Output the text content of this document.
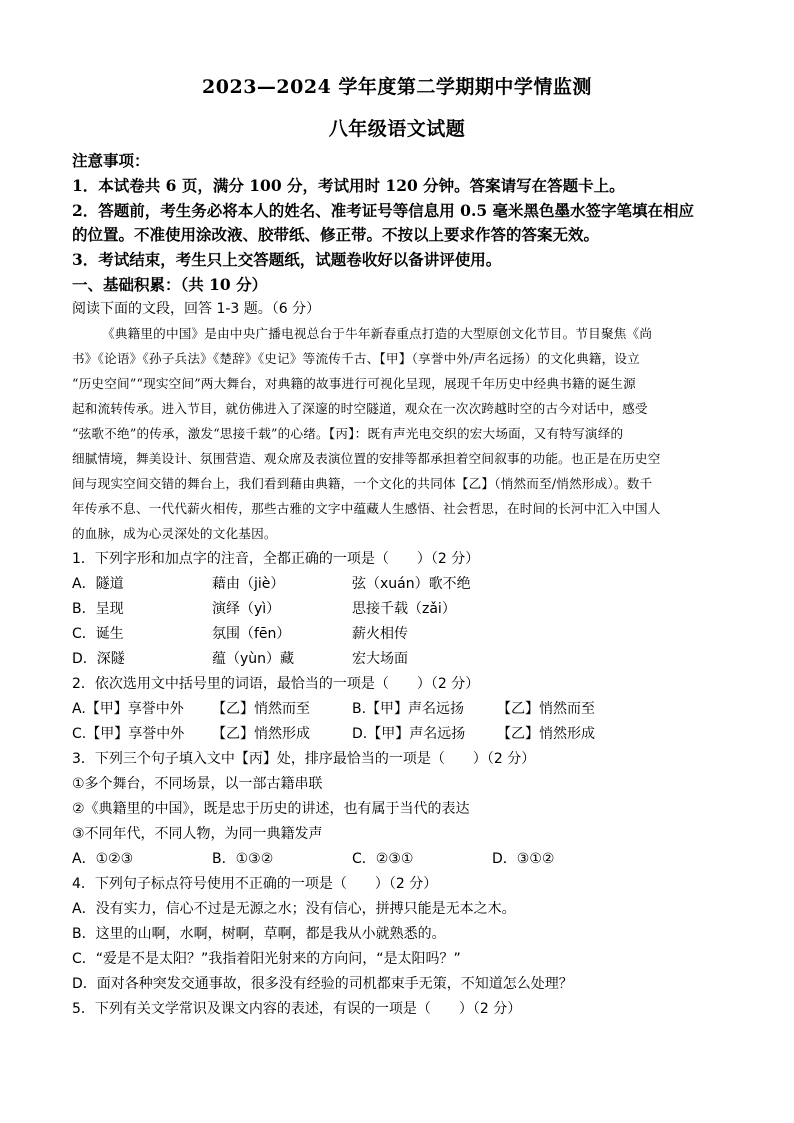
2023—2024 学年度第二学期期中学情监测
八年级语文试题
注意事项：
1．本试卷共 6 页，满分 100 分，考试用时 120 分钟。答案请写在答题卡上。
2．答题前，考生务必将本人的姓名、准考证号等信息用 0.5 毫米黑色墨水签字笔填在相应
的位置。不准使用涂改液、胶带纸、修正带。不按以上要求作答的答案无效。
3．考试结束，考生只上交答题纸，试题卷收好以备讲评使用。
一、基础积累：（共 10 分）
阅读下面的文段，回答 1-3 题。（6 分）
《典籍里的中国》是由中央广播电视总台于牛年新春重点打造的大型原创文化节目。节目聚焦《尚
书》《论语》《孙子兵法》《楚辞》《史记》等流传千古、【甲】（享誉中外/声名远扬）的文化典籍，设立
“历史空间”“现实空间”两大舞台，对典籍的故事进行可视化呈现，展现千年历史中经典书籍的诞生源
起和流转传承。进入节目，就仿佛进入了深邃的时空隧道，观众在一次次跨越时空的古今对话中，感受
“弦歌不绝”的传承，激发“思接千载”的心绪。【丙】：既有声光电交织的宏大场面，又有特写演绎的
细腻情境，舞美设计、氛围营造、观众席及表演位置的安排等都承担着空间叙事的功能。也正是在历史空
间与现实空间交错的舞台上，我们看到藉由典籍，一个文化的共同体【乙】（悄然而至/悄然形成）。数千
年传承不息、一代代薪火相传，那些古雅的文字中蕴藏人生感悟、社会哲思，在时间的长河中汇入中国人
的血脉，成为心灵深处的文化基因。
1．下列字形和加点字的注音，全都正确的一项是（　　）（2 分）
A．隧道	藉由（jiè）	弦（xuán）歌不绝
B．呈现	演绎（yì）	思接千载（zǎi）
C．诞生	氛围（fēn）	薪火相传
D．深隧	蕴（yùn）藏	宏大场面
2．依次选用文中括号里的词语，最恰当的一项是（　　）（2 分）
A.【甲】享誉中外 【乙】悄然而至	B.【甲】声名远扬 【乙】悄然而至
C.【甲】享誉中外 【乙】悄然形成	D.【甲】声名远扬 【乙】悄然形成
3．下列三个句子填入文中【丙】处，排序最恰当的一项是（　　）（2 分）
①多个舞台，不同场景，以一部古籍串联
②《典籍里的中国》，既是忠于历史的讲述，也有属于当代的表达
③不同年代，不同人物，为同一典籍发声
A．①②③	B．①③②	C．②③①	D．③①②
4．下列句子标点符号使用不正确的一项是（　　）（2 分）
A．没有实力，信心不过是无源之水；没有信心，拼搏只能是无本之木。
B．这里的山啊，水啊，树啊，草啊，都是我从小就熟悉的。
C．“爱是不是太阳？”我指着阳光射来的方向问，“是太阳吗？”
D．面对各种突发交通事故，很多没有经验的司机都束手无策，不知道怎么处理？
5．下列有关文学常识及课文内容的表述，有误的一项是（　　）（2 分）
